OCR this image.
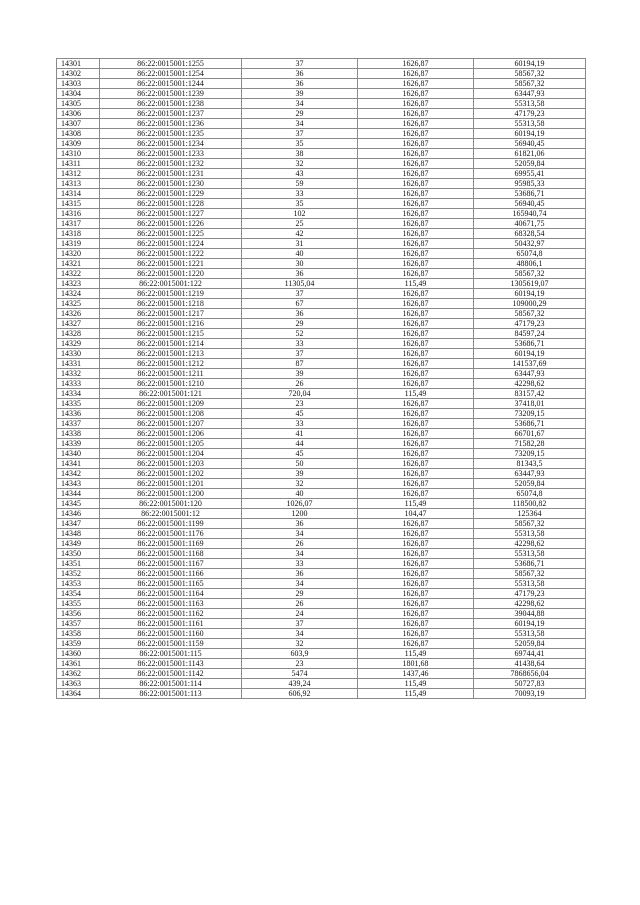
14301	86:22:0015001:1255	37	1626,87	60194,19
14302	86:22:0015001:1254	36	1626,87	58567,32
14303	86:22:0015001:1244	36	1626,87	58567,32
14304	86:22:0015001:1239	39	1626,87	63447,93
14305	86:22:0015001:1238	34	1626,87	55313,58
14306	86:22:0015001:1237	29	1626,87	47179,23
14307	86:22:0015001:1236	34	1626,87	55313,58
14308	86:22:0015001:1235	37	1626,87	60194,19
14309	86:22:0015001:1234	35	1626,87	56940,45
14310	86:22:0015001:1233	38	1626,87	61821,06
14311	86:22:0015001:1232	32	1626,87	52059,84
14312	86:22:0015001:1231	43	1626,87	69955,41
14313	86:22:0015001:1230	59	1626,87	95985,33
14314	86:22:0015001:1229	33	1626,87	53686,71
14315	86:22:0015001:1228	35	1626,87	56940,45
14316	86:22:0015001:1227	102	1626,87	165940,74
14317	86:22:0015001:1226	25	1626,87	40671,75
14318	86:22:0015001:1225	42	1626,87	68328,54
14319	86:22:0015001:1224	31	1626,87	50432,97
14320	86:22:0015001:1222	40	1626,87	65074,8
14321	86:22:0015001:1221	30	1626,87	48806,1
14322	86:22:0015001:1220	36	1626,87	58567,32
14323	86:22:0015001:122	11305,04	115,49	1305619,07
14324	86:22:0015001:1219	37	1626,87	60194,19
14325	86:22:0015001:1218	67	1626,87	109000,29
14326	86:22:0015001:1217	36	1626,87	58567,32
14327	86:22:0015001:1216	29	1626,87	47179,23
14328	86:22:0015001:1215	52	1626,87	84597,24
14329	86:22:0015001:1214	33	1626,87	53686,71
14330	86:22:0015001:1213	37	1626,87	60194,19
14331	86:22:0015001:1212	87	1626,87	141537,69
14332	86:22:0015001:1211	39	1626,87	63447,93
14333	86:22:0015001:1210	26	1626,87	42298,62
14334	86:22:0015001:121	720,04	115,49	83157,42
14335	86:22:0015001:1209	23	1626,87	37418,01
14336	86:22:0015001:1208	45	1626,87	73209,15
14337	86:22:0015001:1207	33	1626,87	53686,71
14338	86:22:0015001:1206	41	1626,87	66701,67
14339	86:22:0015001:1205	44	1626,87	71582,28
14340	86:22:0015001:1204	45	1626,87	73209,15
14341	86:22:0015001:1203	50	1626,87	81343,5
14342	86:22:0015001:1202	39	1626,87	63447,93
14343	86:22:0015001:1201	32	1626,87	52059,84
14344	86:22:0015001:1200	40	1626,87	65074,8
14345	86:22:0015001:120	1026,07	115,49	118500,82
14346	86:22:0015001:12	1200	104,47	125364
14347	86:22:0015001:1199	36	1626,87	58567,32
14348	86:22:0015001:1176	34	1626,87	55313,58
14349	86:22:0015001:1169	26	1626,87	42298,62
14350	86:22:0015001:1168	34	1626,87	55313,58
14351	86:22:0015001:1167	33	1626,87	53686,71
14352	86:22:0015001:1166	36	1626,87	58567,32
14353	86:22:0015001:1165	34	1626,87	55313,58
14354	86:22:0015001:1164	29	1626,87	47179,23
14355	86:22:0015001:1163	26	1626,87	42298,62
14356	86:22:0015001:1162	24	1626,87	39044,88
14357	86:22:0015001:1161	37	1626,87	60194,19
14358	86:22:0015001:1160	34	1626,87	55313,58
14359	86:22:0015001:1159	32	1626,87	52059,84
14360	86:22:0015001:115	603,9	115,49	69744,41
14361	86:22:0015001:1143	23	1801,68	41438,64
14362	86:22:0015001:1142	5474	1437,46	7868656,04
14363	86:22:0015001:114	439,24	115,49	50727,83
14364	86:22:0015001:113	606,92	115,49	70093,19
